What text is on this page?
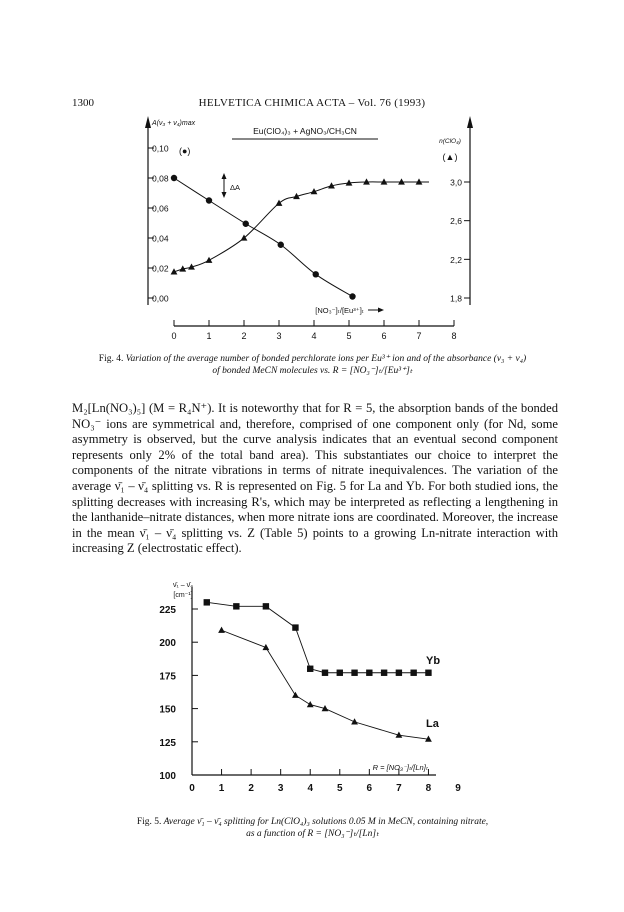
1300	HELVETICA CHIMICA ACTA – Vol. 76 (1993)
Eu(ClO₄)₃ + AgNO₃/CH₃CN
A(ν₃ + ν₄)max
(●)
n(ClO₄)
(▲)
[NO₃⁻]ₜ/[Eu³⁺]ₜ
ΔA
0	1	2	3	4	5	6	7	8
0,10
0,08
0,06
0,04
0,02
0,00
3,0
2,6
2,2
1,8
Fig. 4. Variation of the average number of bonded perchlorate ions per Eu³⁺ ion and of the absorbance (ν₃ + ν₄)
of bonded MeCN molecules vs. R = [NO₃⁻]ₜ/[Eu³⁺]ₜ

M₂[Ln(NO₃)₅] (M = R₄N⁺). It is noteworthy that for R = 5, the absorption bands of the bonded NO₃⁻ ions are symmetrical and, therefore, comprised of one component only (for Nd, some asymmetry is observed, but the curve analysis indicates that an eventual second component represents only 2% of the total band area). This substantiates our choice to interpret the components of the nitrate vibrations in terms of nitrate inequivalences. The variation of the average ν̄₁ – ν̄₄ splitting vs. R is represented on Fig. 5 for La and Yb. For both studied ions, the splitting decreases with increasing R's, which may be interpreted as reflecting a lengthening in the lanthanide–nitrate distances, when more nitrate ions are coordinated. Moreover, the increase in the mean ν̄₁ – ν̄₄ splitting vs. Z (Table 5) points to a growing Ln-nitrate interaction with increasing Z (electrostatic effect).

ν̄₁ – ν̄₄
[cm⁻¹]
R = [NO₃⁻]ₜ/[Ln]ₜ
0 1 2 3 4 5 6 7 8 9
225
200
175
150
125
100
Yb
La
Fig. 5. Average ν̄₁ – ν̄₄ splitting for Ln(ClO₄)₃ solutions 0.05 M in MeCN, containing nitrate,
as a function of R = [NO₃⁻]ₜ/[Ln]ₜ
